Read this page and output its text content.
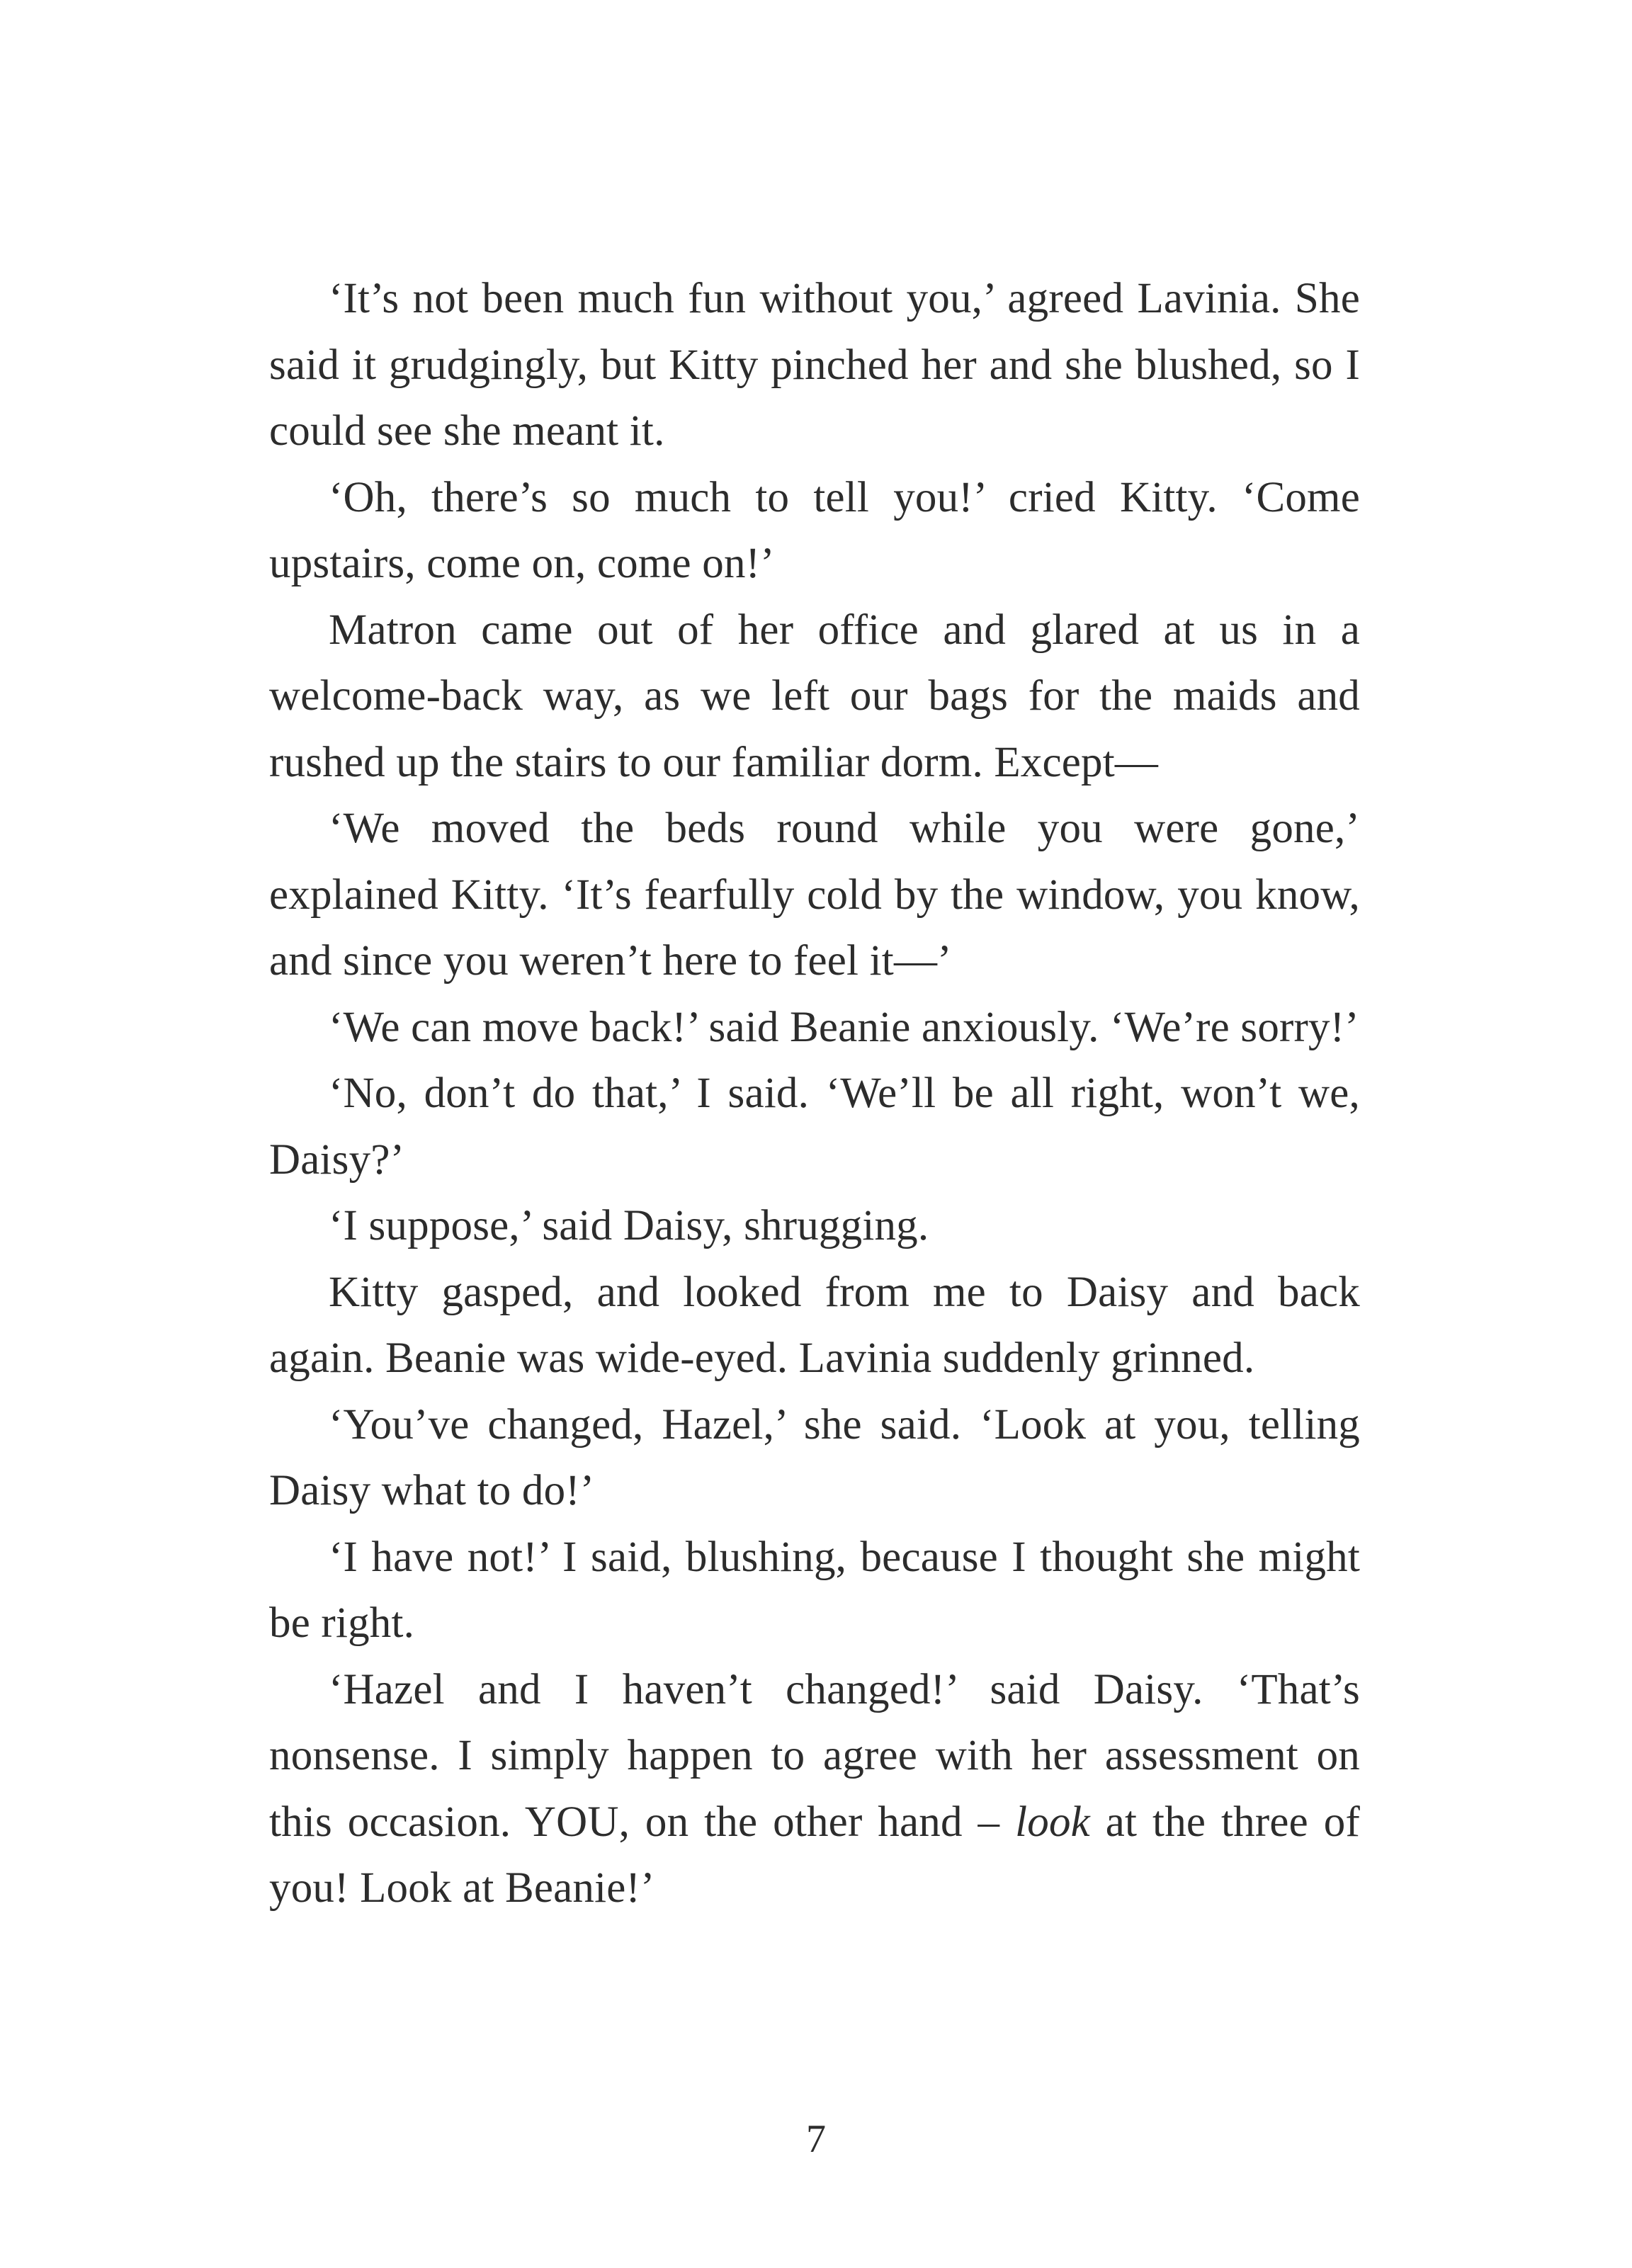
‘It’s not been much fun without you,’ agreed Lavinia. She said it grudgingly, but Kitty pinched her and she blushed, so I could see she meant it.

‘Oh, there’s so much to tell you!’ cried Kitty. ‘Come upstairs, come on, come on!’

Matron came out of her office and glared at us in a welcome-back way, as we left our bags for the maids and rushed up the stairs to our familiar dorm. Except—

‘We moved the beds round while you were gone,’ explained Kitty. ‘It’s fearfully cold by the window, you know, and since you weren’t here to feel it—’

‘We can move back!’ said Beanie anxiously. ‘We’re sorry!’

‘No, don’t do that,’ I said. ‘We’ll be all right, won’t we, Daisy?’

‘I suppose,’ said Daisy, shrugging.

Kitty gasped, and looked from me to Daisy and back again. Beanie was wide-eyed. Lavinia suddenly grinned.

‘You’ve changed, Hazel,’ she said. ‘Look at you, telling Daisy what to do!’

‘I have not!’ I said, blushing, because I thought she might be right.

‘Hazel and I haven’t changed!’ said Daisy. ‘That’s nonsense. I simply happen to agree with her assessment on this occasion. YOU, on the other hand – look at the three of you! Look at Beanie!’

7
